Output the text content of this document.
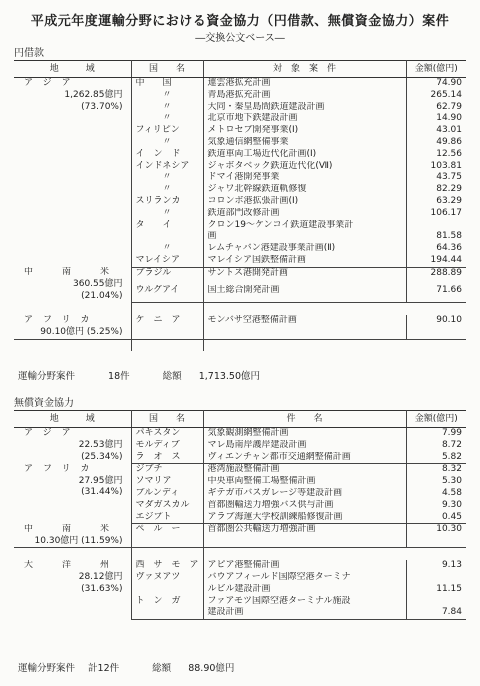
平成元年度運輸分野における資金協力（円借款、無償資金協力）案件
―交換公文ベース―
円借款
地　　　域	国　　名	対　象　案　件	金額(億円)

アジア
1,262.85億円
(73.70%)	中　　国	連雲港拡充計画	74.90
	〃	青島港拡充計画	265.14
	〃	大同・秦皇島間鉄道建設計画	62.79
	〃	北京市地下鉄建設計画	14.90
	フィリピン	メトロセブ開発事業(Ⅰ)	43.01
	〃	気象通信網整備事業	49.86
	イ　ン　ド	鉄道車両工場近代化計画(Ⅰ)	12.56
	インドネシア	ジャボタベック鉄道近代化(Ⅶ)	103.81
	〃	ドマイ港開発事業	43.75
	〃	ジャワ北幹線鉄道軌修復	82.29
	スリランカ	コロンボ港拡張計画(Ⅰ)	63.29
	〃	鉄道部門改修計画	106.17
	タ　　イ	クロン19～ケンコイ鉄道建設事業計	
		画	81.58
	〃	レムチャバン港建設事業計画(Ⅱ)	64.36
	マレイシア	マレイシア国鉄整備計画	194.44

中　南　米
360.55億円
(21.04%)	ブラジル	サントス港開発計画	288.89
	ウルグアイ	国土総合開発計画	71.66

アフリカ
90.10億円 (5.25%)	ケ　ニ　ア	モンバサ空港整備計画	90.10

運輸分野案件	18件	総額 1,713.50億円
無償資金協力
地　　　域	国　　名	件　　名	金額(億円)

アジア
22.53億円
(25.34%)	パキスタン	気象観測網整備計画	7.99
	モルディブ	マレ島南岸護岸建設計画	8.72
	ラ　オ　ス	ヴィエンチャン都市交通網整備計画	5.82

アフリカ
27.95億円
(31.44%)	ジブチ	港湾施設整備計画	8.32
	ソマリア	中央車両整備工場整備計画	5.30
	ブルンディ	ギテガ市バスガレージ等建設計画	4.58
	マダガスカル	首都圏輸送力増強バス供与計画	9.30
	エジプト	アラブ海運大学校訓練船修復計画	0.45

中　南　米
10.30億円 (11.59%)	ペ　ル　ー	首都圏公共輸送力増強計画	10.30

大　洋　州
28.12億円
(31.63%)	西　サ　モ　ア	アピア港整備計画	9.13
	ヴァヌアツ	バウアフィールド国際空港ターミナ	
		ルビル建設計画	11.15
	ト　ン　ガ	ファアモツ国際空港ターミナル施設	
		建設計画	7.84
運輸分野案件 計12件	総額 88.90億円
